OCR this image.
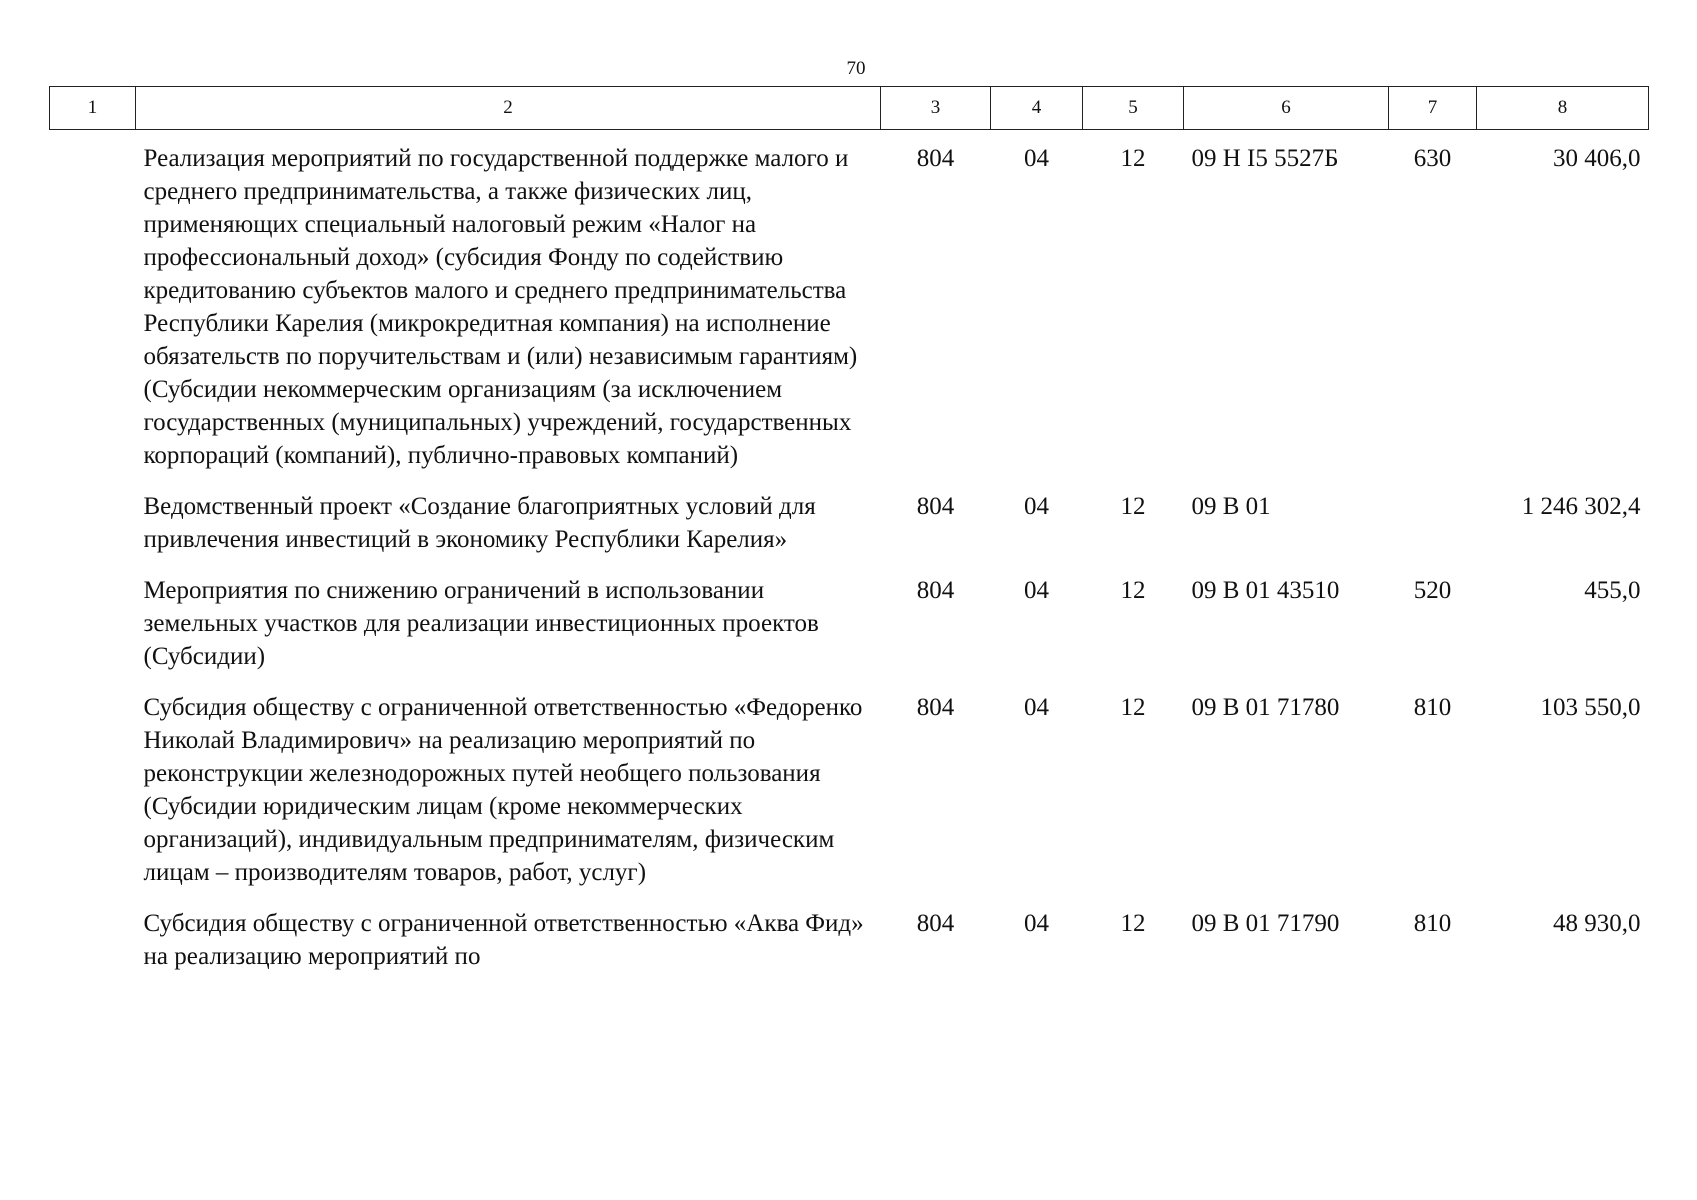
70
1	2	3	4	5	6	7	8
	Реализация мероприятий по государственной поддержке малого и среднего предпринимательства, а также физических лиц, применяющих специальный налоговый режим «Налог на профессиональный доход» (субсидия Фонду по содействию кредитованию субъектов малого и среднего предпринимательства Республики Карелия (микрокредитная компания) на исполнение обязательств по поручительствам и (или) независимым гарантиям) (Субсидии некоммерческим организациям (за исключением государственных (муниципальных) учреждений, государственных корпораций (компаний), публично-правовых компаний)	804	04	12	09 Н I5 5527Б	630	30 406,0
	Ведомственный проект «Создание благоприятных условий для привлечения инвестиций в экономику Республики Карелия»	804	04	12	09 В 01		1 246 302,4
	Мероприятия по снижению ограничений в использовании земельных участков для реализации инвестиционных проектов (Субсидии)	804	04	12	09 В 01 43510	520	455,0
	Субсидия обществу с ограниченной ответственностью «Федоренко Николай Владимирович» на реализацию мероприятий по реконструкции железнодорожных путей необщего пользования (Субсидии юридическим лицам (кроме некоммерческих организаций), индивидуальным предпринимателям, физическим лицам – производителям товаров, работ, услуг)	804	04	12	09 В 01 71780	810	103 550,0
	Субсидия обществу с ограниченной ответственностью «Аква Фид» на реализацию мероприятий по	804	04	12	09 В 01 71790	810	48 930,0
